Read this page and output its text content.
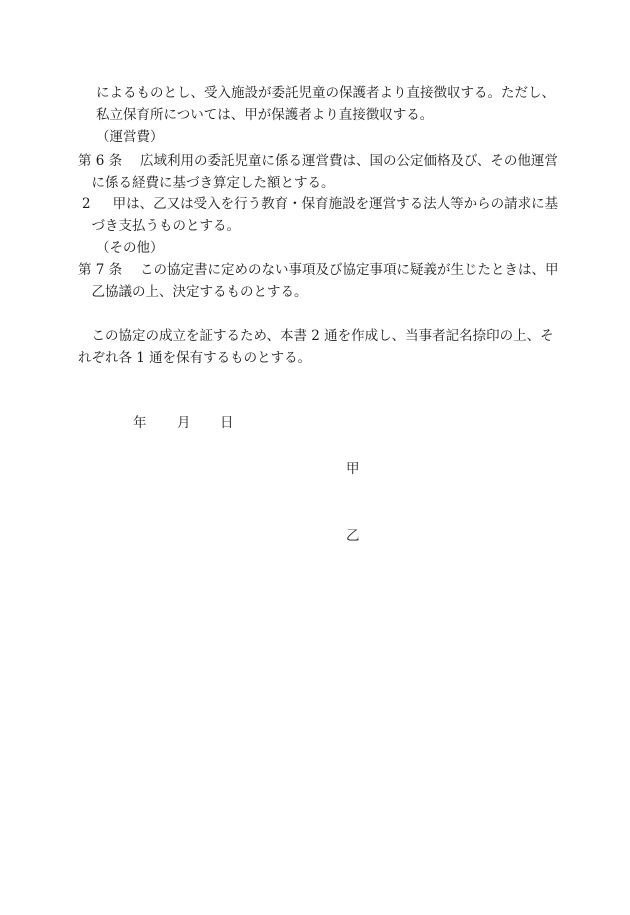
によるものとし、受入施設が委託児童の保護者より直接徴収する。ただし、
私立保育所については、甲が保護者より直接徴収する。
（運営費）
第 6 条　 広域利用の委託児童に係る運営費は、国の公定価格及び、その他運営
　に係る経費に基づき算定した額とする。
2 　 甲は、乙又は受入を行う教育・保育施設を運営する法人等からの請求に基
　づき支払うものとする。
（その他）
第 7 条　 この協定書に定めのない事項及び協定事項に疑義が生じたときは、甲
　乙協議の上、決定するものとする。
　この協定の成立を証するため、本書 2 通を作成し、当事者記名捺印の上、そ
れぞれ各 1 通を保有するものとする。
年 月 日
甲
乙
